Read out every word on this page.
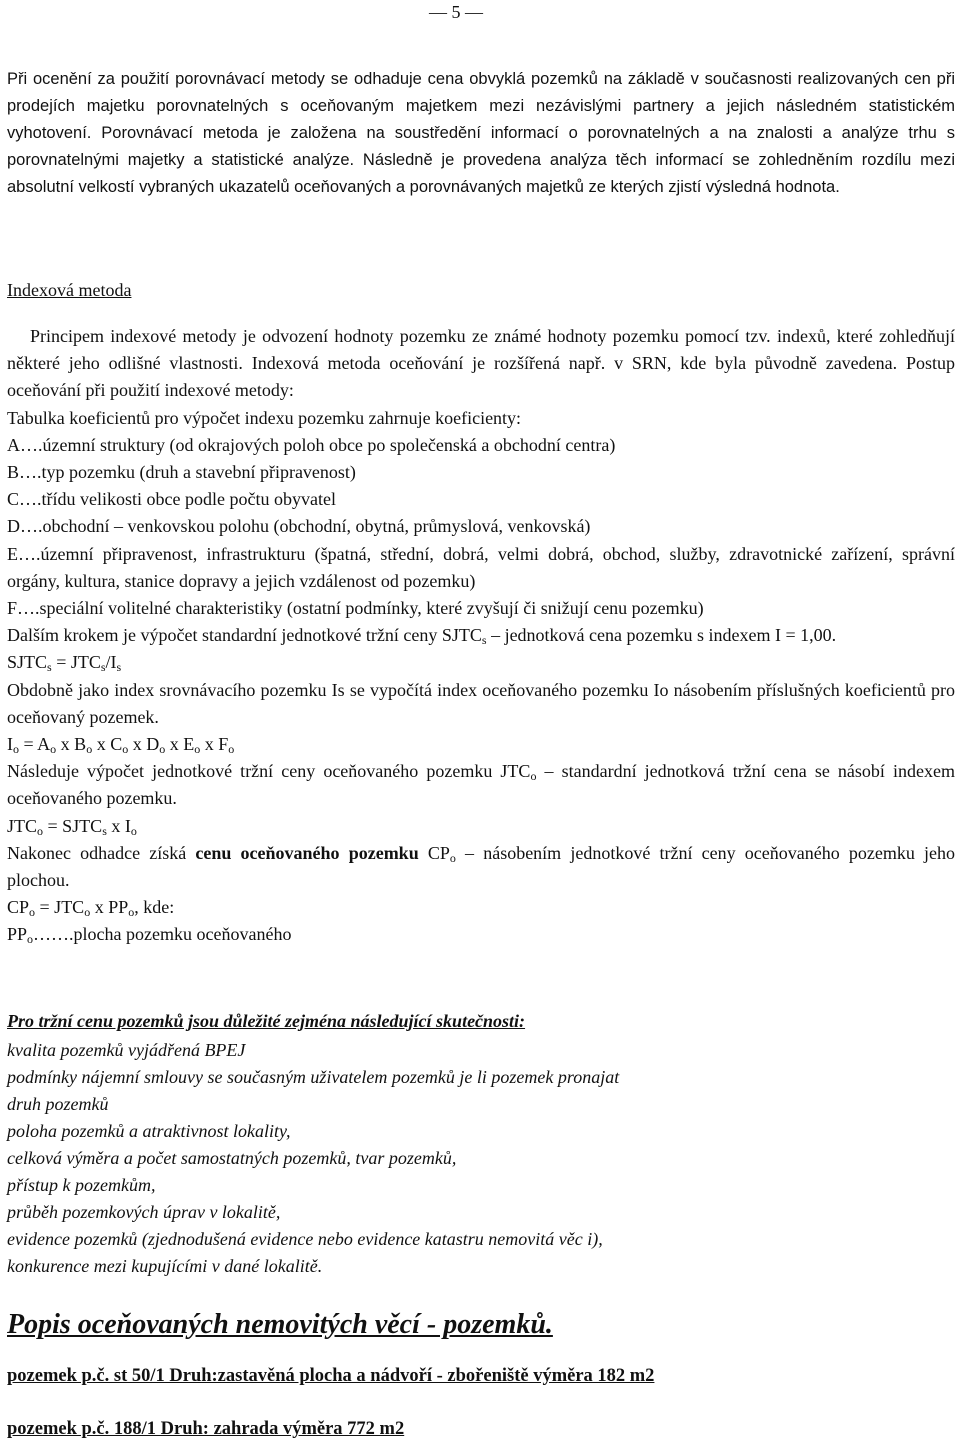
— 5 —
Při ocenění za použití porovnávací metody se odhaduje cena obvyklá pozemků na základě v současnosti realizovaných cen při prodejích majetku porovnatelných s oceňovaným majetkem mezi nezávislými partnery a jejich následném statistickém vyhotovení. Porovnávací metoda je založena na soustředění informací o porovnatelných a na znalosti a analýze trhu s porovnatelnými majetky a statistické analýze. Následně je provedena analýza těch informací se zohledněním rozdílu mezi absolutní velkostí vybraných ukazatelů oceňovaných a porovnávaných majetků ze kterých zjistí výsledná hodnota.
Indexová metoda
Principem indexové metody je odvození hodnoty pozemku ze známé hodnoty pozemku pomocí tzv. indexů, které zohledňují některé jeho odlišné vlastnosti. Indexová metoda oceňování je rozšířená např. v SRN, kde byla původně zavedena. Postup oceňování při použití indexové metody:
Tabulka koeficientů pro výpočet indexu pozemku zahrnuje koeficienty:
A….územní struktury (od okrajových poloh obce po společenská a obchodní centra)
B….typ pozemku (druh a stavební připravenost)
C….třídu velikosti obce podle počtu obyvatel
D….obchodní – venkovskou polohu (obchodní, obytná, průmyslová, venkovská)
E….územní připravenost, infrastrukturu (špatná, střední, dobrá, velmi dobrá, obchod, služby, zdravotnické zařízení, správní orgány, kultura, stanice dopravy a jejich vzdálenost od pozemku)
F….speciální volitelné charakteristiky (ostatní podmínky, které zvyšují či snižují cenu pozemku)
Dalším krokem je výpočet standardní jednotkové tržní ceny $SJTC_s$ – jednotková cena pozemku s indexem I = 1,00.
$SJTC_s = JTC_s/I_s$
Obdobně jako index srovnávacího pozemku Is se vypočítá index oceňovaného pozemku Io násobením příslušných koeficientů pro oceňovaný pozemek.
$I_o = A_o$ x $B_o$ x $C_o$ x $D_o$ x $E_o$ x $F_o$
Následuje výpočet jednotkové tržní ceny oceňovaného pozemku $JTC_o$ – standardní jednotková tržní cena se násobí indexem oceňovaného pozemku.
$JTC_o$ = $SJTC_s$ x $I_o$
Nakonec odhadce získá cenu oceňovaného pozemku $CP_o$ – násobením jednotkové tržní ceny oceňovaného pozemku jeho plochou.
$CP_o = JTC_o$ x $PP_o$, kde:
$PP_o\dots\dots.plocha$ pozemku oceňovaného
Pro tržní cenu pozemků jsou důležité zejména následující skutečnosti:
kvalita pozemků vyjádřená BPEJ
podmínky nájemní smlouvy se současným uživatelem pozemků je li pozemek pronajat
druh pozemků
poloha pozemků a atraktivnost lokality,
celková výměra a počet samostatných pozemků, tvar pozemků,
přístup k pozemkům,
průběh pozemkových úprav v lokalitě,
evidence pozemků (zjednodušená evidence nebo evidence katastru nemovitá věc i),
konkurence mezi kupujícími v dané lokalitě.
Popis oceňovaných nemovitých věcí - pozemků.
pozemek p.č. st 50/1 Druh:zastavěná plocha a nádvoří - zbořeniště výměra 182 m2
pozemek p.č. 188/1 Druh: zahrada výměra 772 m2
